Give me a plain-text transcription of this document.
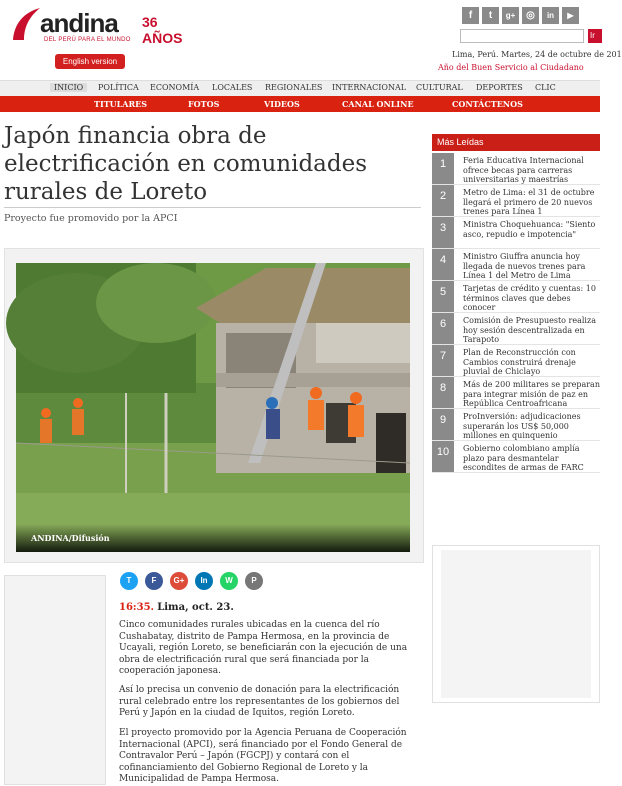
andina 36 AÑOS
DEL PERÚ PARA EL MUNDO
English version
f	t	g+	◎	in	▶
Ir
Lima, Perú. Martes, 24 de octubre de 201
Año del Buen Servicio al Ciudadano
INICIO	POLÍTICA ECONOMÍA LOCALES REGIONALES INTERNACIONAL CULTURAL DEPORTES CLIC
TITULARES	FOTOS	VIDEOS	CANAL ONLINE	CONTÁCTENOS
Japón financia obra de electrificación en comunidades rurales de Loreto
Proyecto fue promovido por la APCI
ANDINA/Difusión
T	F	G+	In	W	P
16:35. Lima, oct. 23.

Cinco comunidades rurales ubicadas en la cuenca del río Cushabatay, distrito de Pampa Hermosa, en la provincia de Ucayali, región Loreto, se beneficiarán con la ejecución de una obra de electrificación rural que será financiada por la cooperación japonesa.

Así lo precisa un convenio de donación para la electrificación rural celebrado entre los representantes de los gobiernos del Perú y Japón en la ciudad de Iquitos, región Loreto.

El proyecto promovido por la Agencia Peruana de Cooperación Internacional (APCI), será financiado por el Fondo General de Contravalor Perú – Japón (FGCPJ) y contará con el cofinanciamiento del Gobierno Regional de Loreto y la Municipalidad de Pampa Hermosa.

Más Leídas
1	Feria Educativa Internacional ofrece becas para carreras universitarias y maestrías
2	Metro de Lima: el 31 de octubre llegará el primero de 20 nuevos trenes para Línea 1
3	Ministra Choquehuanca: "Siento asco, repudio e impotencia"
4	Ministro Giuffra anuncia hoy llegada de nuevos trenes para Línea 1 del Metro de Lima
5	Tarjetas de crédito y cuentas: 10 términos claves que debes conocer
6	Comisión de Presupuesto realiza hoy sesión descentralizada en Tarapoto
7	Plan de Reconstrucción con Cambios construirá drenaje pluvial de Chiclayo
8	Más de 200 militares se preparan para integrar misión de paz en República Centroafricana
9	ProInversión: adjudicaciones superarán los US$ 50,000 millones en quinquenio
10	Gobierno colombiano amplía plazo para desmantelar escondites de armas de FARC
